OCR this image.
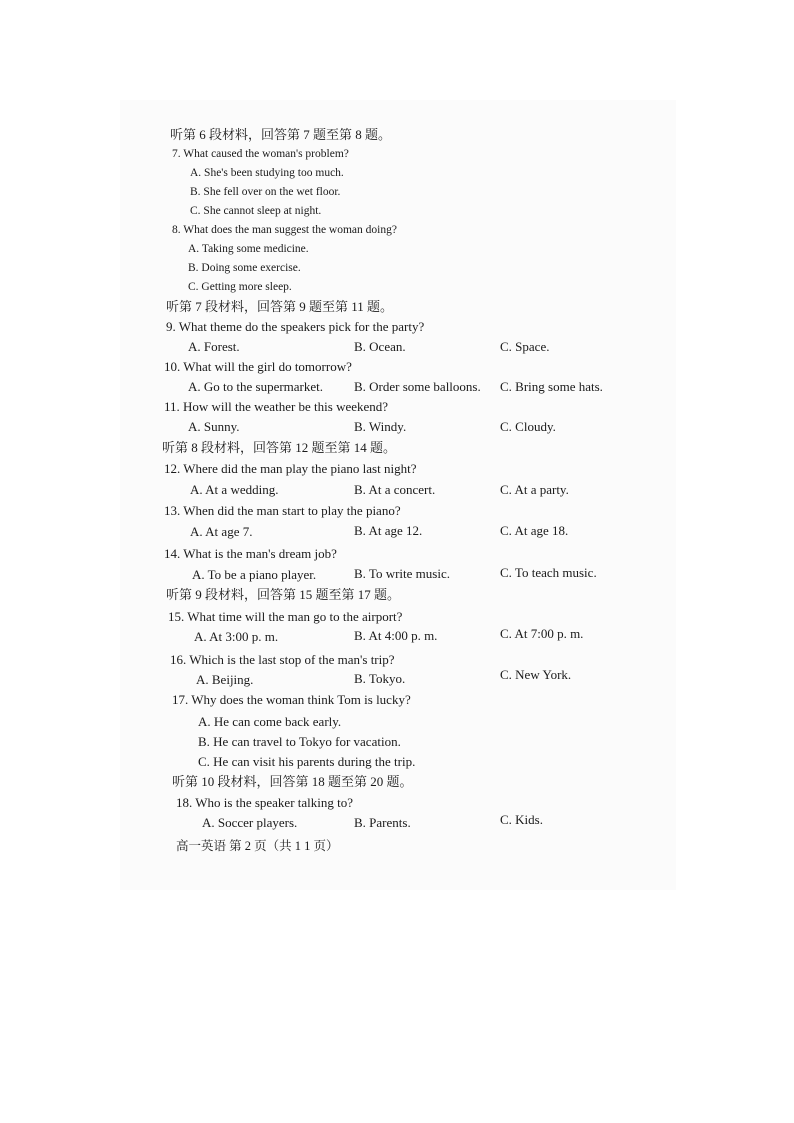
听第 6 段材料，回答第 7 题至第 8 题。
7. What caused the woman's problem?
A. She's been studying too much.
B. She fell over on the wet floor.
C. She cannot sleep at night.
8. What does the man suggest the woman doing?
A. Taking some medicine.
B. Doing some exercise.
C. Getting more sleep.
听第 7 段材料，回答第 9 题至第 11 题。
9. What theme do the speakers pick for the party?
A. Forest.	B. Ocean.	C. Space.
10. What will the girl do tomorrow?
A. Go to the supermarket. B. Order some balloons. C. Bring some hats.
11. How will the weather be this weekend?
A. Sunny.	B. Windy.	C. Cloudy.
听第 8 段材料，回答第 12 题至第 14 题。
12. Where did the man play the piano last night?
A. At a wedding.	B. At a concert.	C. At a party.
13. When did the man start to play the piano?
A. At age 7.	B. At age 12.	C. At age 18.
14. What is the man's dream job?
A. To be a piano player.	B. To write music.	C. To teach music.
听第 9 段材料，回答第 15 题至第 17 题。
15. What time will the man go to the airport?
A. At 3:00 p. m.	B. At 4:00 p. m.	C. At 7:00 p. m.
16. Which is the last stop of the man's trip?
A. Beijing.	B. Tokyo.	C. New York.
17. Why does the woman think Tom is lucky?
A. He can come back early.
B. He can travel to Tokyo for vacation.
C. He can visit his parents during the trip.
听第 10 段材料，回答第 18 题至第 20 题。
18. Who is the speaker talking to?
A. Soccer players.	B. Parents.	C. Kids.
高一英语 第 2 页（共 1 1 页）
